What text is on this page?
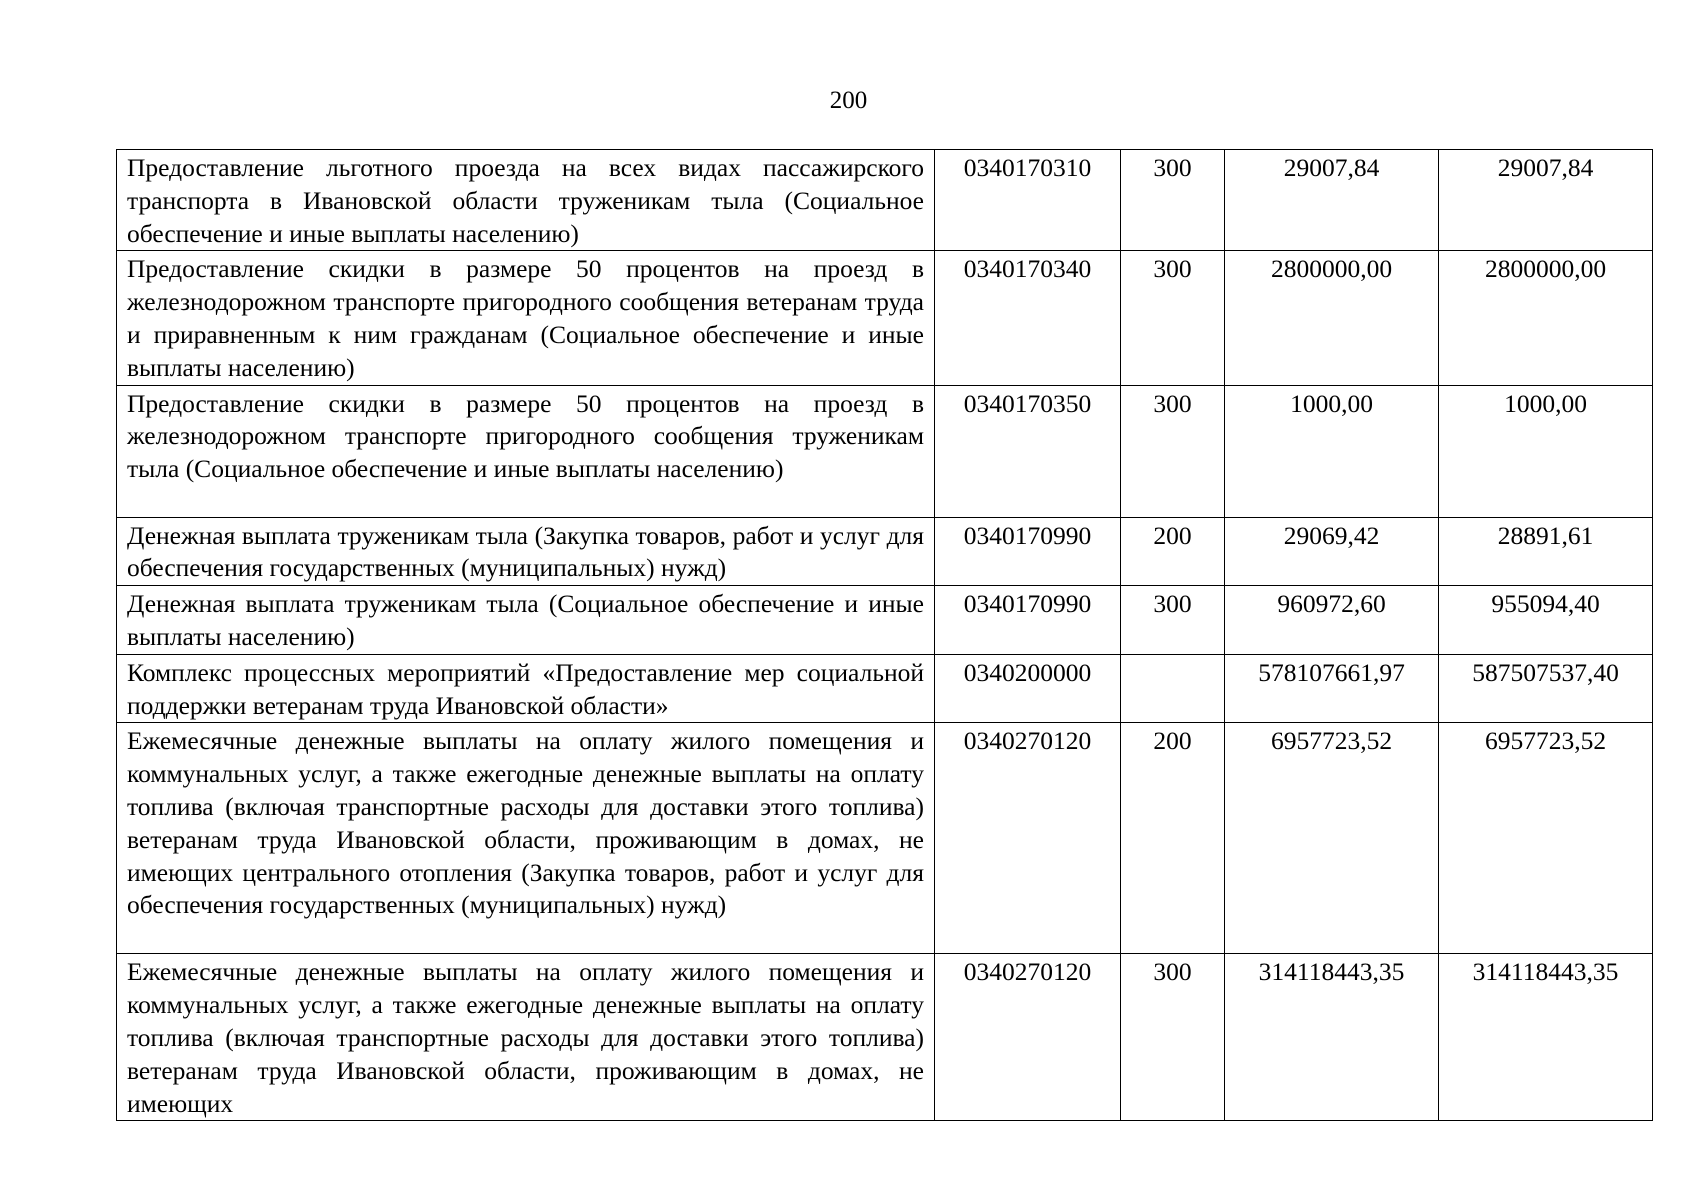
200
Предоставление льготного проезда на всех видах пассажирского транспорта в Ивановской области труженикам тыла (Социальное обеспечение и иные выплаты населению)	0340170310	300	29007,84	29007,84
Предоставление скидки в размере 50 процентов на проезд в железнодорожном транспорте пригородного сообщения ветеранам труда и приравненным к ним гражданам (Социальное обеспечение и иные выплаты населению)	0340170340	300	2800000,00	2800000,00
Предоставление скидки в размере 50 процентов на проезд в железнодорожном транспорте пригородного сообщения труженикам тыла (Социальное обеспечение и иные выплаты населению)	0340170350	300	1000,00	1000,00
Денежная выплата труженикам тыла (Закупка товаров, работ и услуг для обеспечения государственных (муниципальных) нужд)	0340170990	200	29069,42	28891,61
Денежная выплата труженикам тыла (Социальное обеспечение и иные выплаты населению)	0340170990	300	960972,60	955094,40
Комплекс процессных мероприятий «Предоставление мер социальной поддержки ветеранам труда Ивановской области»	0340200000		578107661,97	587507537,40
Ежемесячные денежные выплаты на оплату жилого помещения и коммунальных услуг, а также ежегодные денежные выплаты на оплату топлива (включая транспортные расходы для доставки этого топлива) ветеранам труда Ивановской области, проживающим в домах, не имеющих центрального отопления (Закупка товаров, работ и услуг для обеспечения государственных (муниципальных) нужд)	0340270120	200	6957723,52	6957723,52
Ежемесячные денежные выплаты на оплату жилого помещения и коммунальных услуг, а также ежегодные денежные выплаты на оплату топлива (включая транспортные расходы для доставки этого топлива) ветеранам труда Ивановской области, проживающим в домах, не имеющих	0340270120	300	314118443,35	314118443,35
